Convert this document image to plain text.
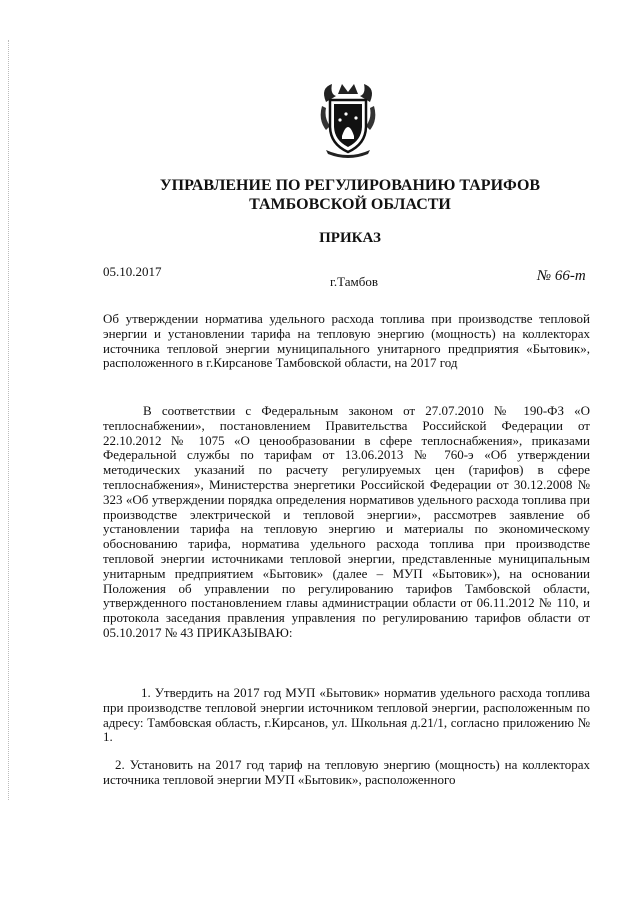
УПРАВЛЕНИЕ ПО РЕГУЛИРОВАНИЮ ТАРИФОВ
ТАМБОВСКОЙ ОБЛАСТИ
ПРИКАЗ
05.10.2017
г.Тамбов	№ 66-т
Об утверждении норматива удельного расхода топлива при производстве тепловой энергии и установлении тарифа на тепловую энергию (мощность) на коллекторах источника тепловой энергии муниципального унитарного предприятия «Бытовик», расположенного в г.Кирсанове Тамбовской области, на 2017 год
В соответствии с Федеральным законом от 27.07.2010 № 190-ФЗ «О теплоснабжении», постановлением Правительства Российской Федерации от 22.10.2012 № 1075 «О ценообразовании в сфере теплоснабжения», приказами Федеральной службы по тарифам от 13.06.2013 № 760-э «Об утверждении методических указаний по расчету регулируемых цен (тарифов) в сфере теплоснабжения», Министерства энергетики Российской Федерации от 30.12.2008 № 323 «Об утверждении порядка определения нормативов удельного расхода топлива при производстве электрической и тепловой энергии», рассмотрев заявление об установлении тарифа на тепловую энергию и материалы по экономическому обоснованию тарифа, норматива удельного расхода топлива при производстве тепловой энергии источниками тепловой энергии, представленные муниципальным унитарным предприятием «Бытовик» (далее – МУП «Бытовик»), на основании Положения об управлении по регулированию тарифов Тамбовской области, утвержденного постановлением главы администрации области от 06.11.2012 № 110, и протокола заседания правления управления по регулированию тарифов области от 05.10.2017 № 43 ПРИКАЗЫВАЮ:
1. Утвердить на 2017 год МУП «Бытовик» норматив удельного расхода топлива при производстве тепловой энергии источником тепловой энергии, расположенным по адресу: Тамбовская область, г.Кирсанов, ул. Школьная д.21/1, согласно приложению № 1.
2. Установить на 2017 год тариф на тепловую энергию (мощность) на коллекторах источника тепловой энергии МУП «Бытовик», расположенного
